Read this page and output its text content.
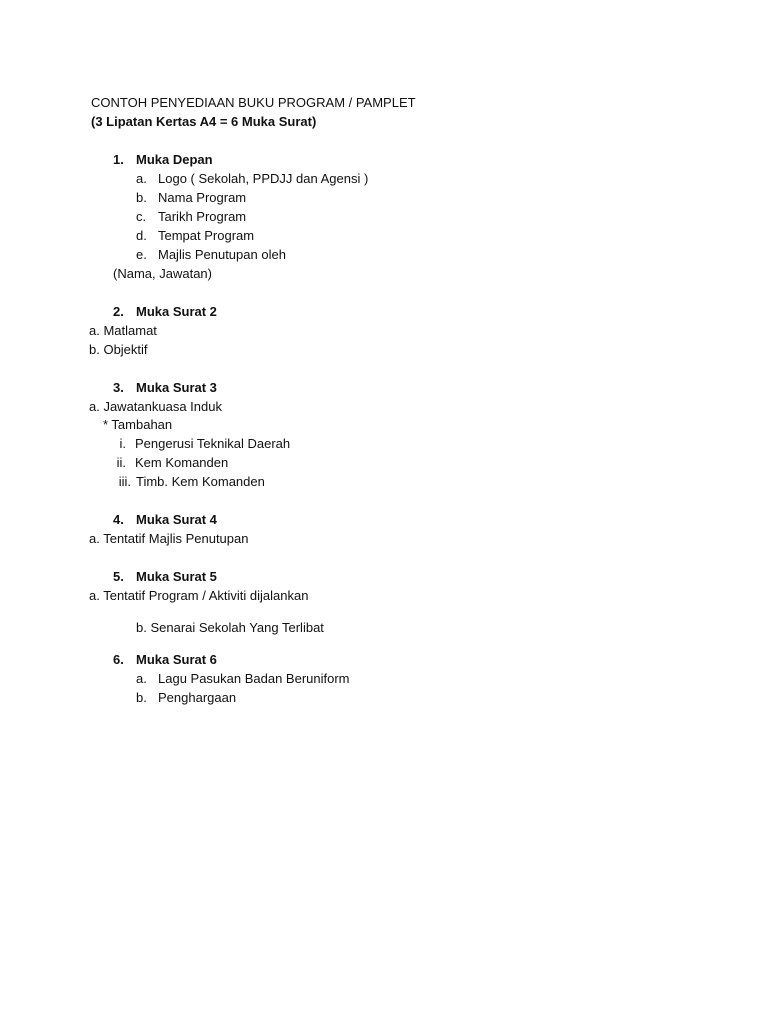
CONTOH PENYEDIAAN BUKU PROGRAM / PAMPLET
(3 Lipatan Kertas A4 = 6 Muka Surat)
1. Muka Depan
a. Logo ( Sekolah, PPDJJ dan Agensi )
b. Nama Program
c. Tarikh Program
d. Tempat Program
e. Majlis Penutupan oleh
(Nama, Jawatan)
2. Muka Surat 2
a. Matlamat
b. Objektif
3. Muka Surat 3
a. Jawatankuasa Induk
* Tambahan
i. Pengerusi Teknikal Daerah
ii. Kem Komanden
iii. Timb. Kem Komanden
4. Muka Surat 4
a. Tentatif Majlis Penutupan
5. Muka Surat 5
a. Tentatif Program / Aktiviti dijalankan
b. Senarai Sekolah Yang Terlibat
6. Muka Surat 6
a. Lagu Pasukan Badan Beruniform
b. Penghargaan
